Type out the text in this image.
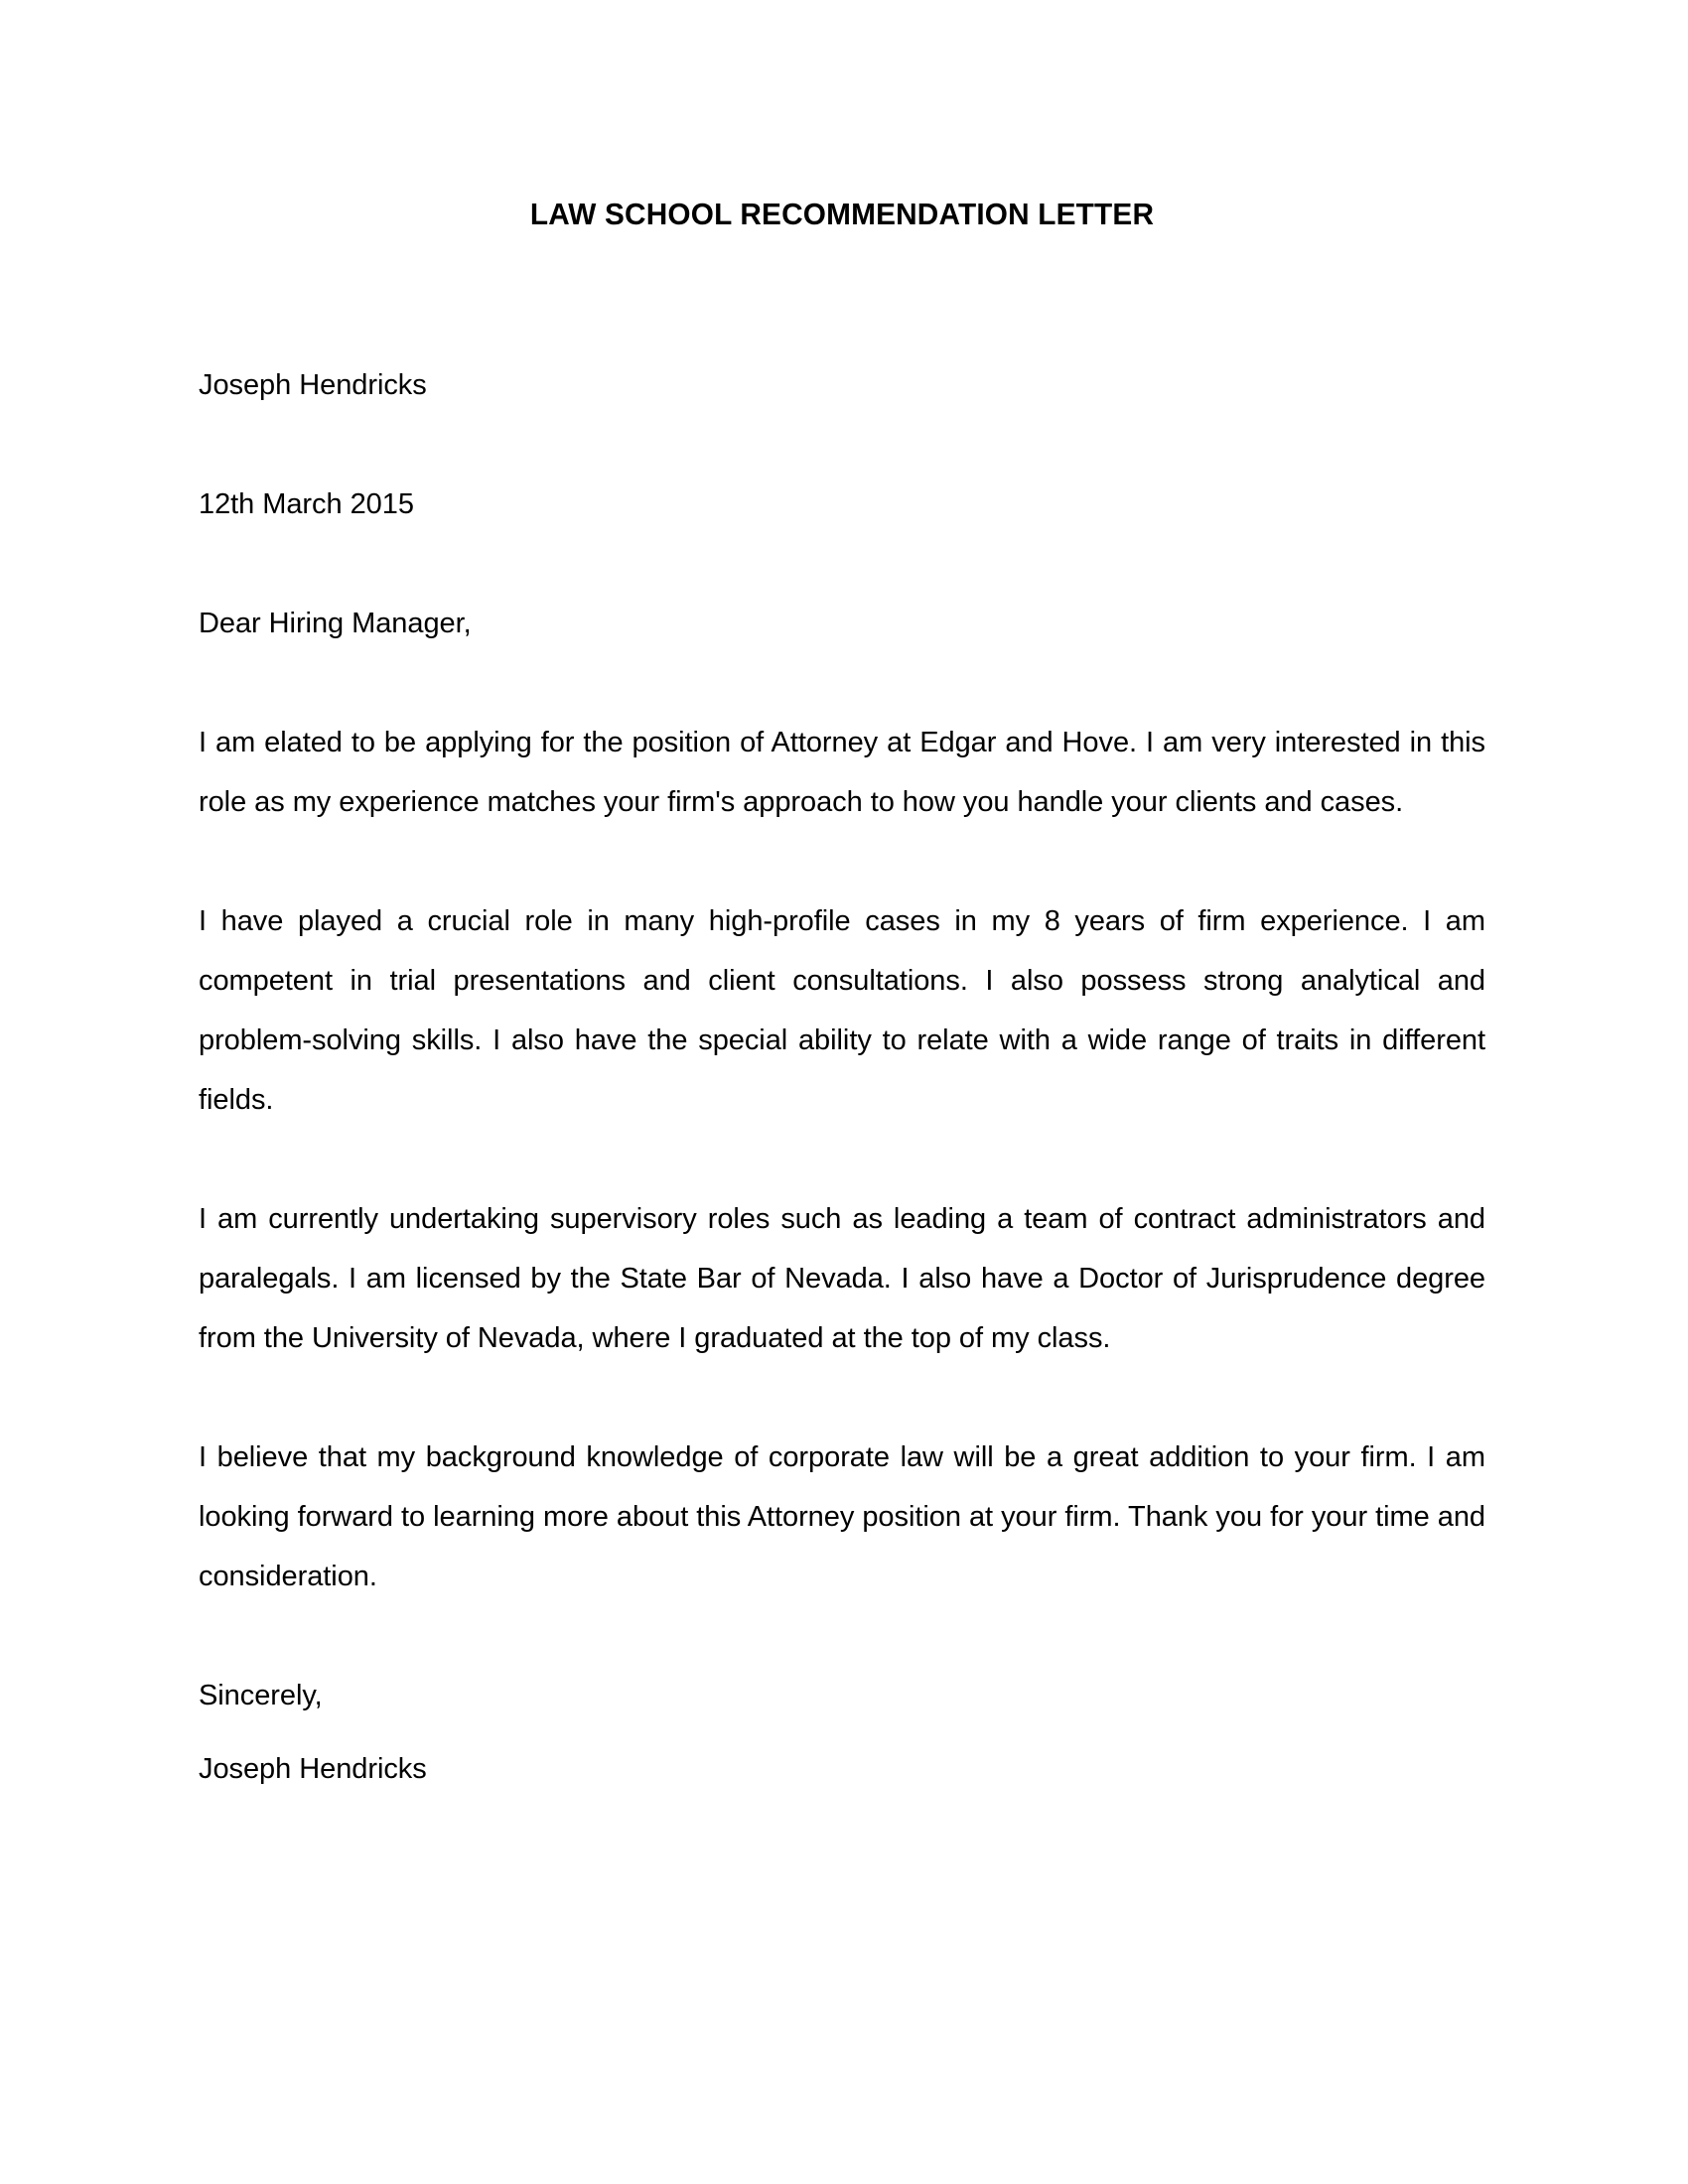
LAW SCHOOL RECOMMENDATION LETTER
Joseph Hendricks
12th March 2015
Dear Hiring Manager,

I am elated to be applying for the position of Attorney at Edgar and Hove. I am very interested in this role as my experience matches your firm's approach to how you handle your clients and cases.

I have played a crucial role in many high-profile cases in my 8 years of firm experience. I am competent in trial presentations and client consultations. I also possess strong analytical and problem-solving skills. I also have the special ability to relate with a wide range of traits in different fields.

I am currently undertaking supervisory roles such as leading a team of contract administrators and paralegals. I am licensed by the State Bar of Nevada. I also have a Doctor of Jurisprudence degree from the University of Nevada, where I graduated at the top of my class.

I believe that my background knowledge of corporate law will be a great addition to your firm. I am looking forward to learning more about this Attorney position at your firm. Thank you for your time and consideration.

Sincerely,
Joseph Hendricks
